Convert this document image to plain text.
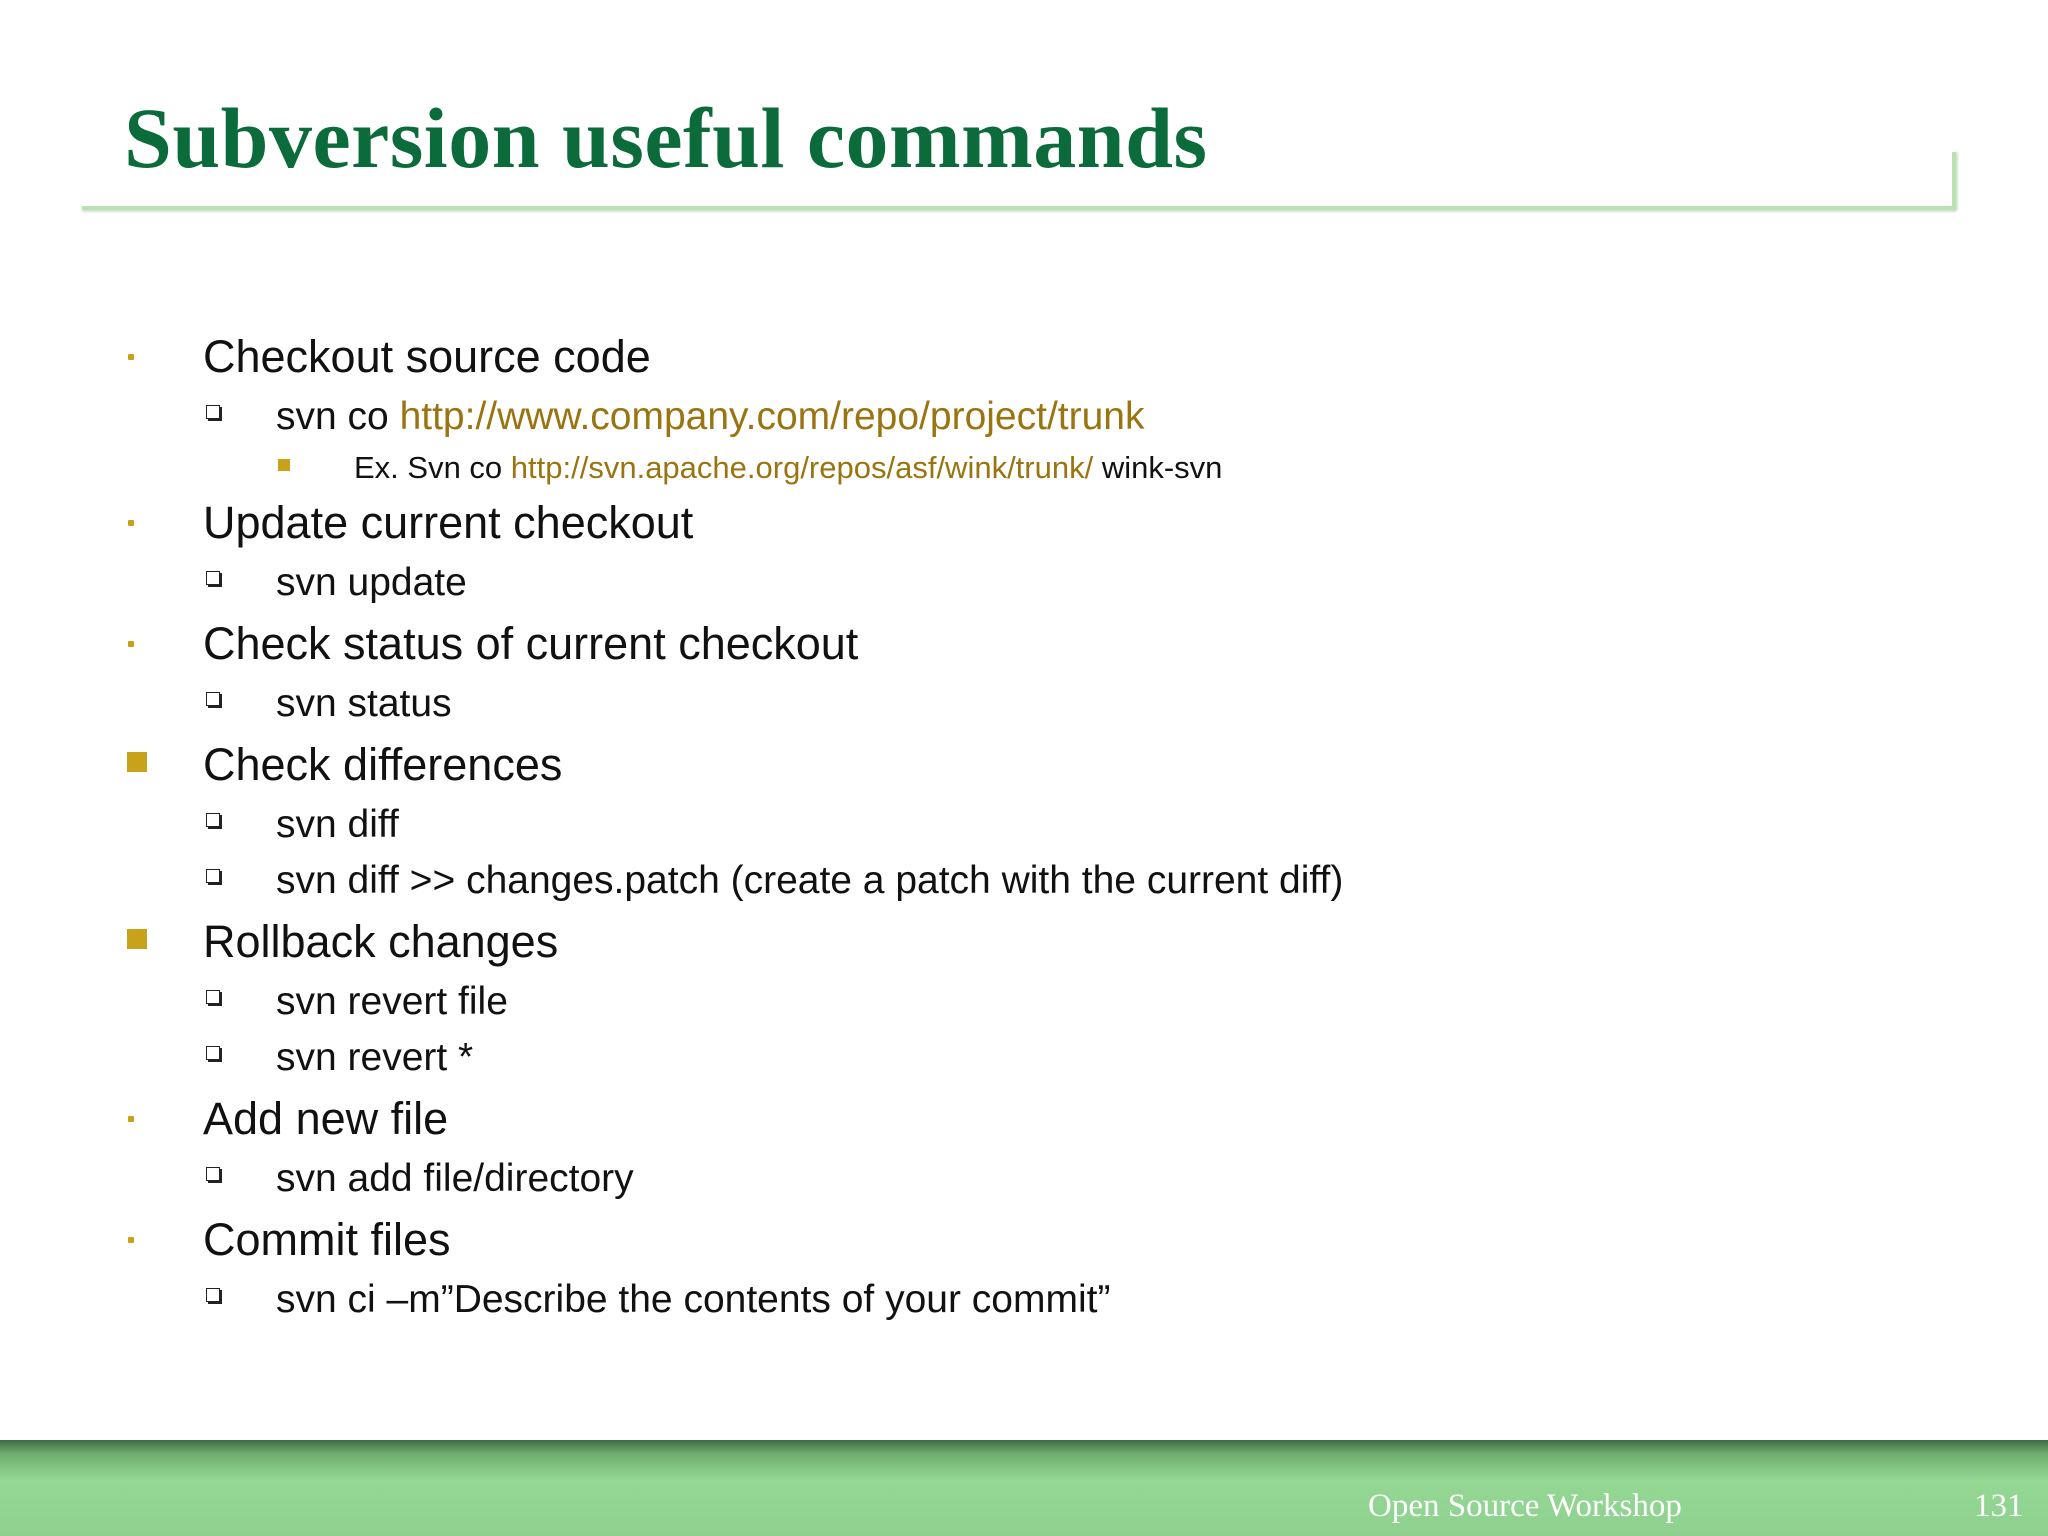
Subversion useful commands
Checkout source code
svn co http://www.company.com/repo/project/trunk
Ex. Svn co http://svn.apache.org/repos/asf/wink/trunk/ wink-svn
Update current checkout
svn update
Check status of current checkout
svn status
Check differences
svn diff
svn diff >> changes.patch (create a patch with the current diff)
Rollback changes
svn revert file
svn revert *
Add new file
svn add file/directory
Commit files
svn ci –m”Describe the contents of your commit”
Open Source Workshop	131
